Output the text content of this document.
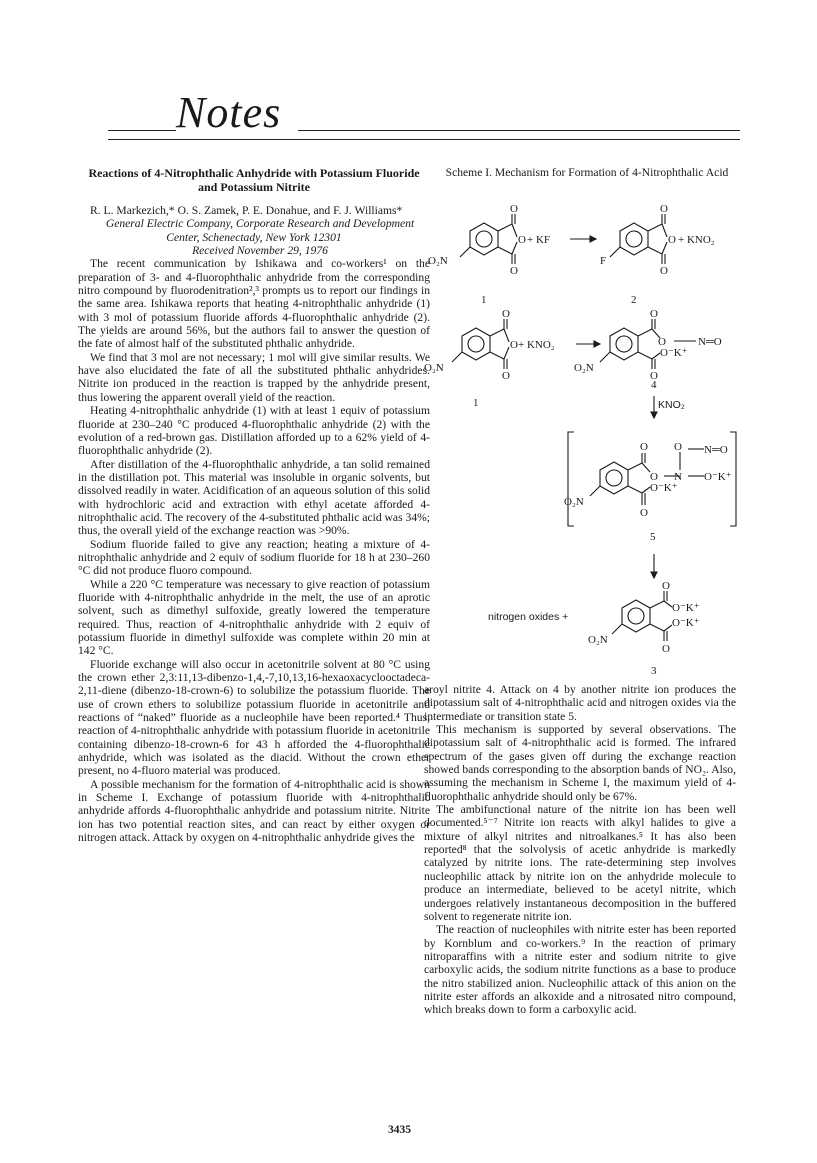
Notes
Reactions of 4-Nitrophthalic Anhydride with Potassium Fluoride and Potassium Nitrite

R. L. Markezich,* O. S. Zamek, P. E. Donahue, and F. J. Williams*

General Electric Company, Corporate Research and Development Center, Schenectady, New York 12301

Received November 29, 1976

The recent communication by Ishikawa and co-workers¹ on the preparation of 3- and 4-fluorophthalic anhydride from the corresponding nitro compound by fluorodenitration²,³ prompts us to report our findings in the same area. Ishikawa reports that heating 4-nitrophthalic anhydride (1) with 3 mol of potassium fluoride affords 4-fluorophthalic anhydride (2). The yields are around 56%, but the authors fail to answer the question of the fate of almost half of the substituted phthalic anhydride.

We find that 3 mol are not necessary; 1 mol will give similar results. We have also elucidated the fate of all the substituted phthalic anhydrides. Nitrite ion produced in the reaction is trapped by the anhydride present, thus lowering the apparent overall yield of the reaction.

Heating 4-nitrophthalic anhydride (1) with at least 1 equiv of potassium fluoride at 230–240 °C produced 4-fluorophthalic anhydride (2) with the evolution of a red-brown gas. Distillation afforded up to a 62% yield of 4-fluorophthalic anhydride (2).

After distillation of the 4-fluorophthalic anhydride, a tan solid remained in the distillation pot. This material was insoluble in organic solvents, but dissolved readily in water. Acidification of an aqueous solution of this solid with hydrochloric acid and extraction with ethyl acetate afforded 4-nitrophthalic acid. The recovery of the 4-substituted phthalic acid was 34%; thus, the overall yield of the exchange reaction was >90%.

Sodium fluoride failed to give any reaction; heating a mixture of 4-nitrophthalic anhydride and 2 equiv of sodium fluoride for 18 h at 230–260 °C did not produce fluoro compound.

While a 220 °C temperature was necessary to give reaction of potassium fluoride with 4-nitrophthalic anhydride in the melt, the use of an aprotic solvent, such as dimethyl sulfoxide, greatly lowered the temperature required. Thus, reaction of 4-nitrophthalic anhydride with 2 equiv of potassium fluoride in dimethyl sulfoxide was complete within 20 min at 142 °C.

Fluoride exchange will also occur in acetonitrile solvent at 80 °C using the crown ether 2,3:11,13-dibenzo-1,4,-7,10,13,16-hexaoxacyclooctadeca-2,11-diene (dibenzo-18-crown-6) to solubilize the potassium fluoride. The use of crown ethers to solubilize potassium fluoride in acetonitrile and reactions of “naked” fluoride as a nucleophile have been reported.⁴ Thus, reaction of 4-nitrophthalic anhydride with potassium fluoride in acetonitrile containing dibenzo-18-crown-6 for 43 h afforded the 4-fluorophthalic anhydride, which was isolated as the diacid. Without the crown ether present, no 4-fluoro material was produced.

A possible mechanism for the formation of 4-nitrophthalic acid is shown in Scheme I. Exchange of potassium fluoride with 4-nitrophthalic anhydride affords 4-fluorophthalic anhydride and potassium nitrite. Nitrite ion has two potential reaction sites, and can react by either oxygen or nitrogen attack. Attack by oxygen on 4-nitrophthalic anhydride gives the

Scheme I. Mechanism for Formation of 4-Nitrophthalic Acid
O
O
O
O₂N
+ KF
O
O
O
F
+ KNO₂
1	2
O
O
O
O₂N
+ KNO₂
O
O	N═O
O⁻K⁺
O
O₂N
1
4
KNO₂
O O N═O
O N O⁻K⁺
O⁻K⁺
O
O₂N
5
O
O⁻K⁺
O⁻K⁺
O
O₂N
nitrogen oxides +
3

aroyl nitrite 4. Attack on 4 by another nitrite ion produces the dipotassium salt of 4-nitrophthalic acid and nitrogen oxides via the intermediate or transition state 5.

This mechanism is supported by several observations. The dipotassium salt of 4-nitrophthalic acid is formed. The infrared spectrum of the gases given off during the exchange reaction showed bands corresponding to the absorption bands of NO₂. Also, assuming the mechanism in Scheme I, the maximum yield of 4-fluorophthalic anhydride should only be 67%.

The ambifunctional nature of the nitrite ion has been well documented.⁵⁻⁷ Nitrite ion reacts with alkyl halides to give a mixture of alkyl nitrites and nitroalkanes.⁵ It has also been reported⁸ that the solvolysis of acetic anhydride is markedly catalyzed by nitrite ions. The rate-determining step involves nucleophilic attack by nitrite ion on the anhydride molecule to produce an intermediate, believed to be acetyl nitrite, which undergoes relatively instantaneous decomposition in the buffered solvent to regenerate nitrite ion.

The reaction of nucleophiles with nitrite ester has been reported by Kornblum and co-workers.⁹ In the reaction of primary nitroparaffins with a nitrite ester and sodium nitrite to give carboxylic acids, the sodium nitrite functions as a base to produce the nitro stabilized anion. Nucleophilic attack of this anion on the nitrite ester affords an alkoxide and a nitrosated nitro compound, which breaks down to form a carboxylic acid.

3435
